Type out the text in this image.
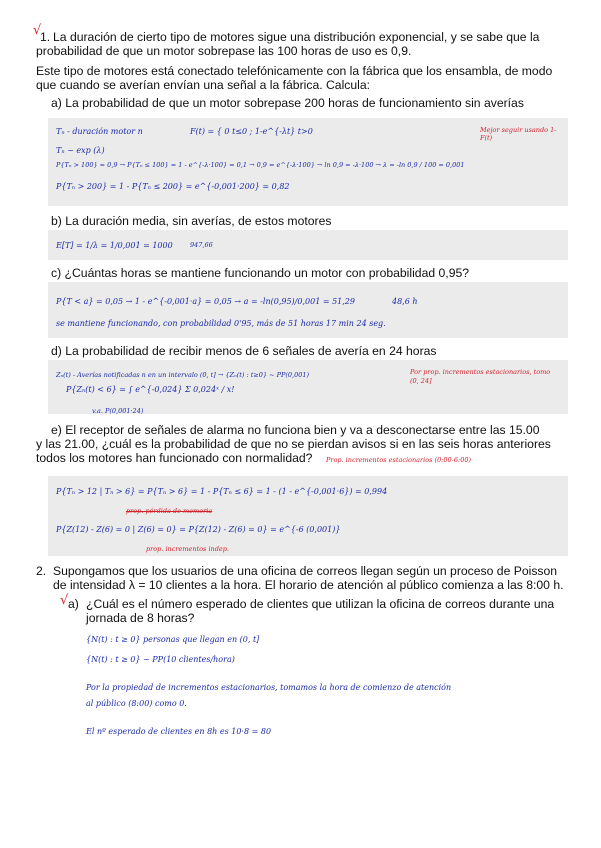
√
1. La duración de cierto tipo de motores sigue una distribución exponencial, y se sabe que la
probabilidad de que un motor sobrepase las 100 horas de uso es 0,9.
Este tipo de motores está conectado telefónicamente con la fábrica que los ensambla, de modo
que cuando se averían envían una señal a la fábrica. Calcula:
a) La probabilidad de que un motor sobrepase 200 horas de funcionamiento sin averías
Tₙ - duración motor n	F(t) = { 0 t≤0 ; 1-e^{-λt} t>0	Mejor seguir usando 1-F(t)
Tₙ ~ exp (λ)
P{Tₙ > 100} = 0,9 → P{Tₙ ≤ 100} = 1 - e^{-λ·100} = 0,1 → 0,9 = e^{-λ·100} → ln 0,9 = -λ·100 → λ = -ln 0,9 / 100 = 0,001
P{Tₙ > 200} = 1 - P{Tₙ ≤ 200} = e^{-0,001·200} = 0,82
b) La duración media, sin averías, de estos motores
E[T] = 1/λ = 1/0,001 = 1000	947,66
c) ¿Cuántas horas se mantiene funcionando un motor con probabilidad 0,95?
P{T < a} = 0,05 → 1 - e^{-0,001·a} = 0,05 → a = -ln(0,95)/0,001 = 51,29	48,6 h
se mantiene funcionando, con probabilidad 0'95, más de 51 horas 17 min 24 seg.
d) La probabilidad de recibir menos de 6 señales de avería en 24 horas
Zₙ(t) - Averías notificadas n en un intervalo (0, t] → {Zₙ(t) : t≥0} ~ PP(0,001)	Por prop. incrementos estacionarios, tomo (0, 24]
P{Zₙ(t) < 6} = ∫ e^{-0,024} Σ 0,024ˣ / x!
v.a. P(0,001·24)
e) El receptor de señales de alarma no funciona bien y va a desconectarse entre las 15.00
y las 21.00, ¿cuál es la probabilidad de que no se pierdan avisos si en las seis horas anteriores
todos los motores han funcionado con normalidad? Prop. incrementos estacionarios (0:00-6:00)
P{Tₙ > 12 | Tₙ > 6} = P{Tₙ > 6} = 1 - P{Tₙ ≤ 6} = 1 - (1 - e^{-0,001·6}) = 0,994
prop. pérdida de memoria
P{Z(12) - Z(6) = 0 | Z(6) = 0} = P{Z(12) - Z(6) = 0} = e^{-6 (0,001)}
prop. incrementos indep.
2. Supongamos que los usuarios de una oficina de correos llegan según un proceso de Poisson
de intensidad λ = 10 clientes a la hora. El horario de atención al público comienza a las 8:00 h.
√ a) ¿Cuál es el número esperado de clientes que utilizan la oficina de correos durante una
jornada de 8 horas?
{N(t) : t ≥ 0} personas que llegan en (0, t]
{N(t) : t ≥ 0} ~ PP(10 clientes/hora)
Por la propiedad de incrementos estacionarios, tomamos la hora de comienzo de atención
al público (8:00) como 0.
El nº esperado de clientes en 8h es 10·8 = 80
